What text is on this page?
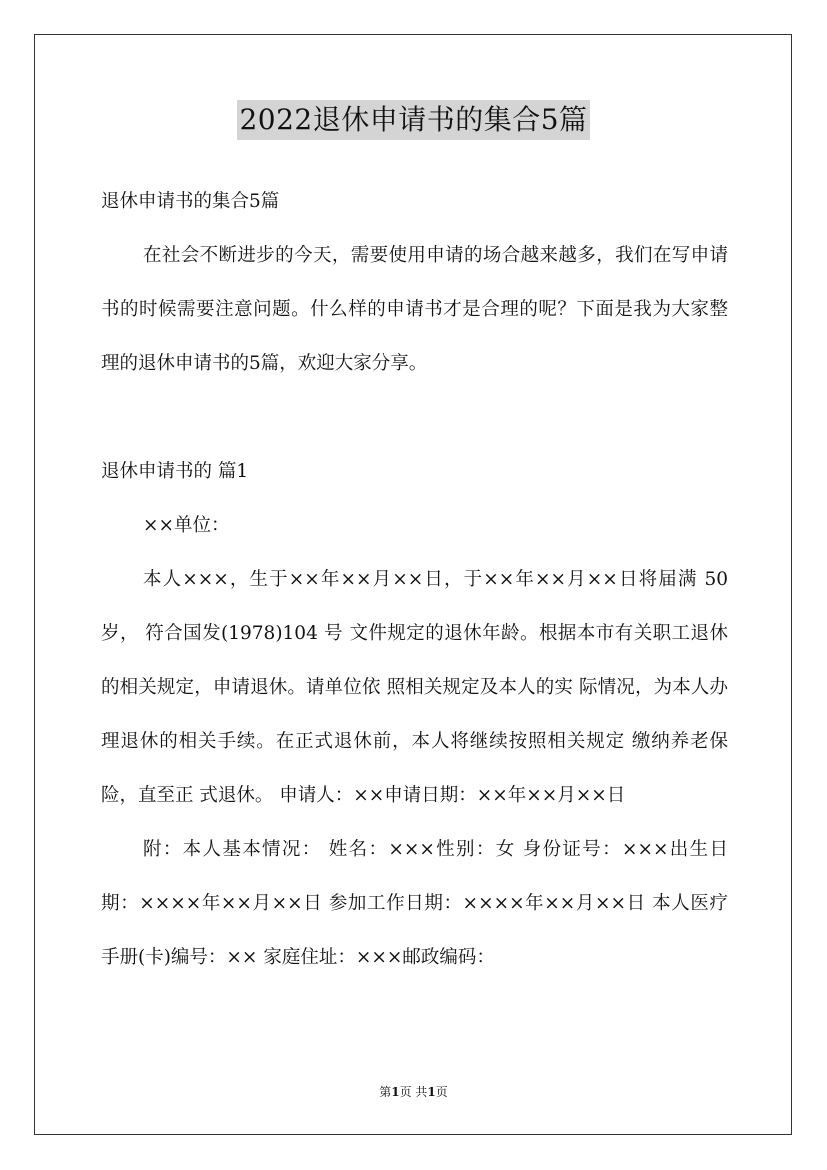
2022退休申请书的集合5篇

退休申请书的集合5篇

在社会不断进步的今天，需要使用申请的场合越来越多，我们在写申请书的时候需要注意问题。什么样的申请书才是合理的呢？下面是我为大家整理的退休申请书的5篇，欢迎大家分享。

退休申请书的 篇1

××单位：

本人×××，生于××年××月××日，于××年××月××日将届满 50 岁， 符合国发(1978)104 号 文件规定的退休年龄。根据本市有关职工退休的相关规定，申请退休。请单位依 照相关规定及本人的实 际情况，为本人办理退休的相关手续。在正式退休前，本人将继续按照相关规定 缴纳养老保险，直至正 式退休。 申请人：××申请日期：××年××月××日

附：本人基本情况： 姓名：×××性别：女 身份证号：×××出生日期：××××年××月××日 参加工作日期：××××年××月××日 本人医疗手册(卡)编号：×× 家庭住址：×××邮政编码：

第1页 共1页
